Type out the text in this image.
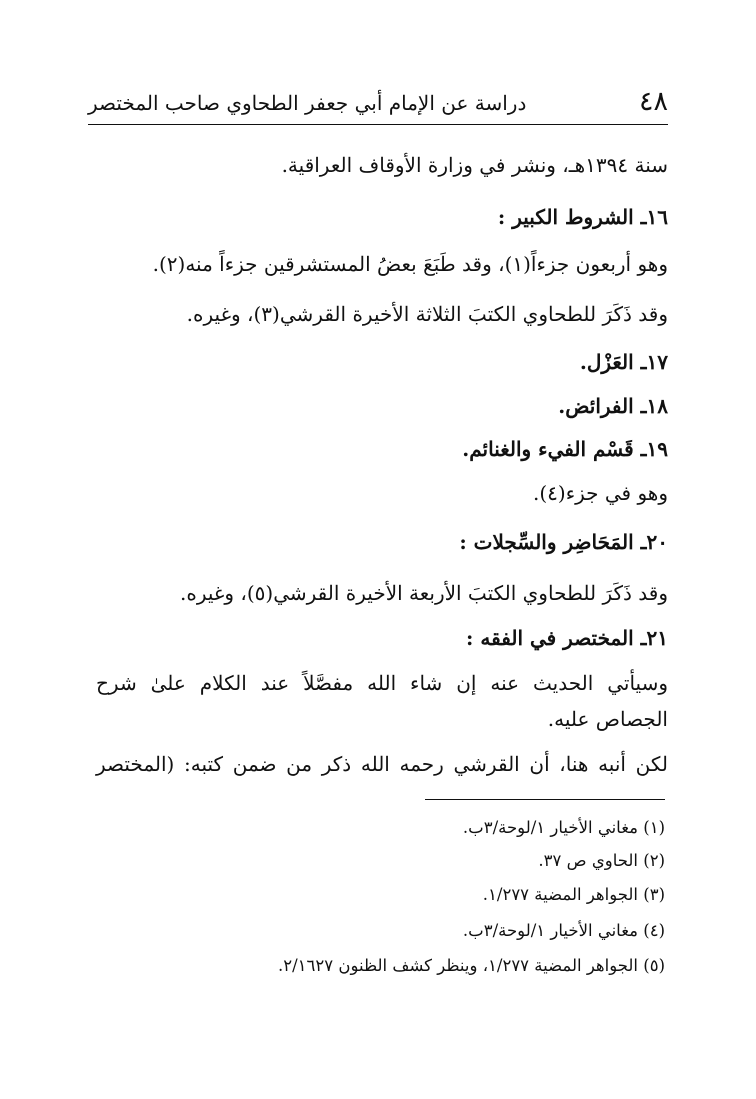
٤٨
دراسة عن الإمام أبي جعفر الطحاوي صاحب المختصر
سنة ١٣٩٤هـ، ونشر في وزارة الأوقاف العراقية.
١٦ـ الشروط الكبير :
وهو أربعون جزءاً(١)، وقد طَبَعَ بعضُ المستشرقين جزءاً منه(٢).
وقد ذَكَرَ للطحاوي الكتبَ الثلاثة الأخيرة القرشي(٣)، وغيره.
١٧ـ العَزْل.
١٨ـ الفرائض.
١٩ـ قَسْم الفيء والغنائم.
وهو في جزء(٤).
٢٠ـ المَحَاضِر والسِّجلات :
وقد ذَكَرَ للطحاوي الكتبَ الأربعة الأخيرة القرشي(٥)، وغيره.
٢١ـ المختصر في الفقه :
وسيأتي الحديث عنه إن شاء الله مفصَّلاً عند الكلام علىٰ شرح
الجصاص عليه.
لكن أنبه هنا، أن القرشي رحمه الله ذكر من ضمن كتبه: (المختصر
(١) مغاني الأخيار ١/لوحة/٣ب.
(٢) الحاوي ص ٣٧.
(٣) الجواهر المضية ١/٢٧٧.
(٤) مغاني الأخيار ١/لوحة/٣ب.
(٥) الجواهر المضية ١/٢٧٧، وينظر كشف الظنون ٢/١٦٢٧.
